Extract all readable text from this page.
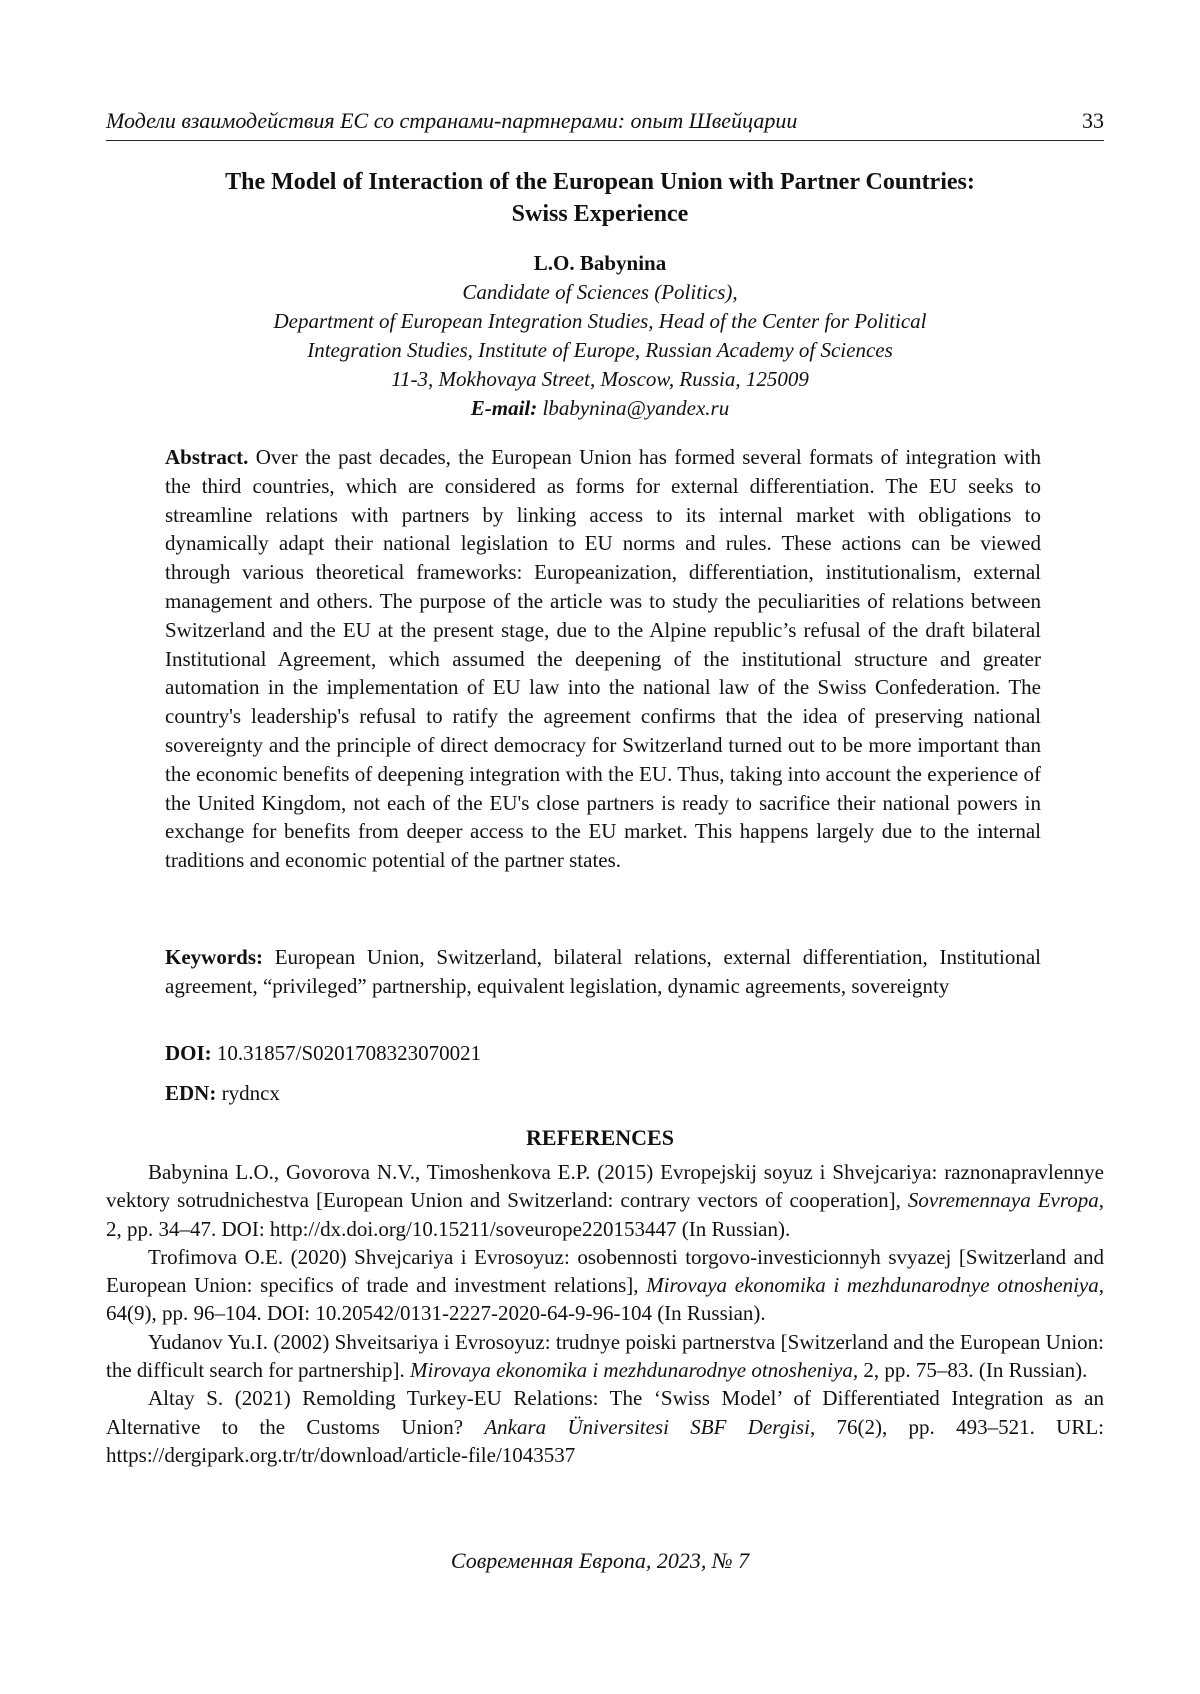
Модели взаимодействия ЕС со странами-партнерами: опыт Швейцарии	33
The Model of Interaction of the European Union with Partner Countries:
Swiss Experience
L.O. Babynina
Candidate of Sciences (Politics),
Department of European Integration Studies, Head of the Center for Political
Integration Studies, Institute of Europe, Russian Academy of Sciences
11-3, Mokhovaya Street, Moscow, Russia, 125009
E-mail: lbabynina@yandex.ru

Abstract. Over the past decades, the European Union has formed several formats of integration with the third countries, which are considered as forms for external differentiation. The EU seeks to streamline relations with partners by linking access to its internal market with obligations to dynamically adapt their national legislation to EU norms and rules. These actions can be viewed through various theoretical frameworks: Europeanization, differentiation, institutionalism, external management and others. The purpose of the article was to study the peculiarities of relations between Switzerland and the EU at the present stage, due to the Alpine republic’s refusal of the draft bilateral Institutional Agreement, which assumed the deepening of the institutional structure and greater automation in the implementation of EU law into the national law of the Swiss Confederation. The country's leadership's refusal to ratify the agreement confirms that the idea of preserving national sovereignty and the principle of direct democracy for Switzerland turned out to be more important than the economic benefits of deepening integration with the EU. Thus, taking into account the experience of the United Kingdom, not each of the EU's close partners is ready to sacrifice their national powers in exchange for benefits from deeper access to the EU market. This happens largely due to the internal traditions and economic potential of the partner states.

Keywords: European Union, Switzerland, bilateral relations, external differentiation, Institutional agreement, “privileged” partnership, equivalent legislation, dynamic agreements, sovereignty

DOI: 10.31857/S0201708323070021

EDN: rydncx

REFERENCES

Babynina L.O., Govorova N.V., Timoshenkova E.P. (2015) Evropejskij soyuz i Shvejcariya: raznonapravlennye vektory sotrudnichestva [European Union and Switzerland: contrary vectors of cooperation], Sovremennaya Evropa, 2, pp. 34–47. DOI: http://dx.doi.org/10.15211/soveurope220153447 (In Russian).

Trofimova O.E. (2020) Shvejcariya i Evrosoyuz: osobennosti torgovo-investicionnyh svyazej [Switzerland and European Union: specifics of trade and investment relations], Mirovaya ekonomika i mezhdunarodnye otnosheniya, 64(9), pp. 96–104. DOI: 10.20542/0131-2227-2020-64-9-96-104 (In Russian).

Yudanov Yu.I. (2002) Shveitsariya i Evrosoyuz: trudnye poiski partnerstva [Switzerland and the European Union: the difficult search for partnership]. Mirovaya ekonomika i mezhdunarodnye otnosheniya, 2, pp. 75–83. (In Russian).

Altay S. (2021) Remolding Turkey-EU Relations: The ‘Swiss Model’ of Differentiated Integration as an Alternative to the Customs Union? Ankara Üniversitesi SBF Dergisi, 76(2), pp. 493–521. URL: https://dergipark.org.tr/tr/download/article-file/1043537

Современная Европа, 2023, № 7
